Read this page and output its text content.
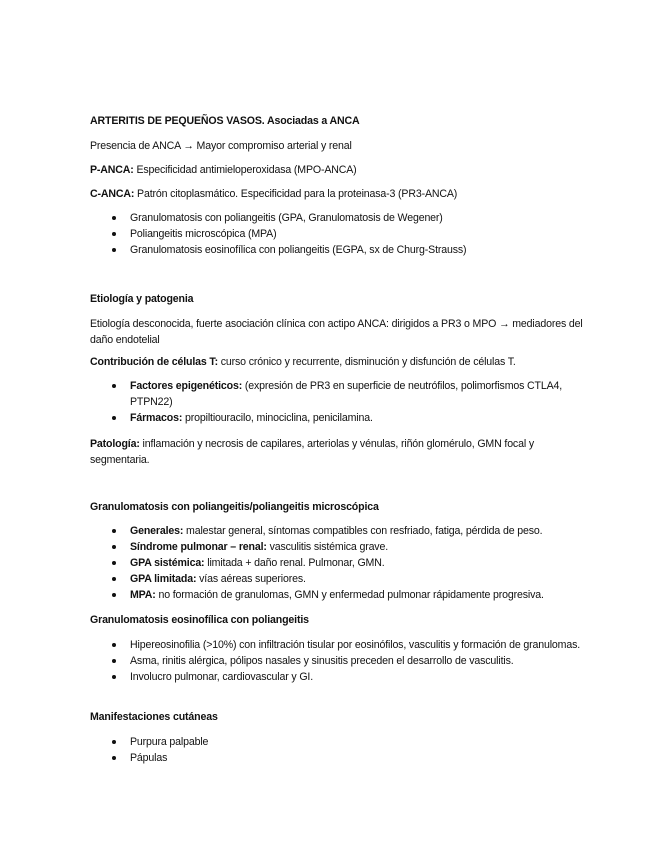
ARTERITIS DE PEQUEÑOS VASOS. Asociadas a ANCA

Presencia de ANCA → Mayor compromiso arterial y renal

P-ANCA: Especificidad antimieloperoxidasa (MPO-ANCA)

C-ANCA: Patrón citoplasmático. Especificidad para la proteinasa-3 (PR3-ANCA)

Granulomatosis con poliangeitis (GPA, Granulomatosis de Wegener)
Poliangeitis microscópica (MPA)
Granulomatosis eosinofílica con poliangeitis (EGPA, sx de Churg-Strauss)

Etiología y patogenia

Etiología desconocida, fuerte asociación clínica con actipo ANCA: dirigidos a PR3 o MPO → mediadores del daño endotelial

Contribución de células T: curso crónico y recurrente, disminución y disfunción de células T.

Factores epigenéticos: (expresión de PR3 en superficie de neutrófilos, polimorfismos CTLA4, PTPN22)
Fármacos: propiltiouracilo, minociclina, penicilamina.

Patología: inflamación y necrosis de capilares, arteriolas y vénulas, riñón glomérulo, GMN focal y segmentaria.

Granulomatosis con poliangeitis/poliangeitis microscópica

Generales: malestar general, síntomas compatibles con resfriado, fatiga, pérdida de peso.
Síndrome pulmonar – renal: vasculitis sistémica grave.
GPA sistémica: limitada + daño renal. Pulmonar, GMN.
GPA limitada: vías aéreas superiores.
MPA: no formación de granulomas, GMN y enfermedad pulmonar rápidamente progresiva.

Granulomatosis eosinofílica con poliangeitis

Hipereosinofilia (>10%) con infiltración tisular por eosinófilos, vasculitis y formación de granulomas.
Asma, rinitis alérgica, pólipos nasales y sinusitis preceden el desarrollo de vasculitis.
Involucro pulmonar, cardiovascular y GI.

Manifestaciones cutáneas

Purpura palpable
Pápulas
